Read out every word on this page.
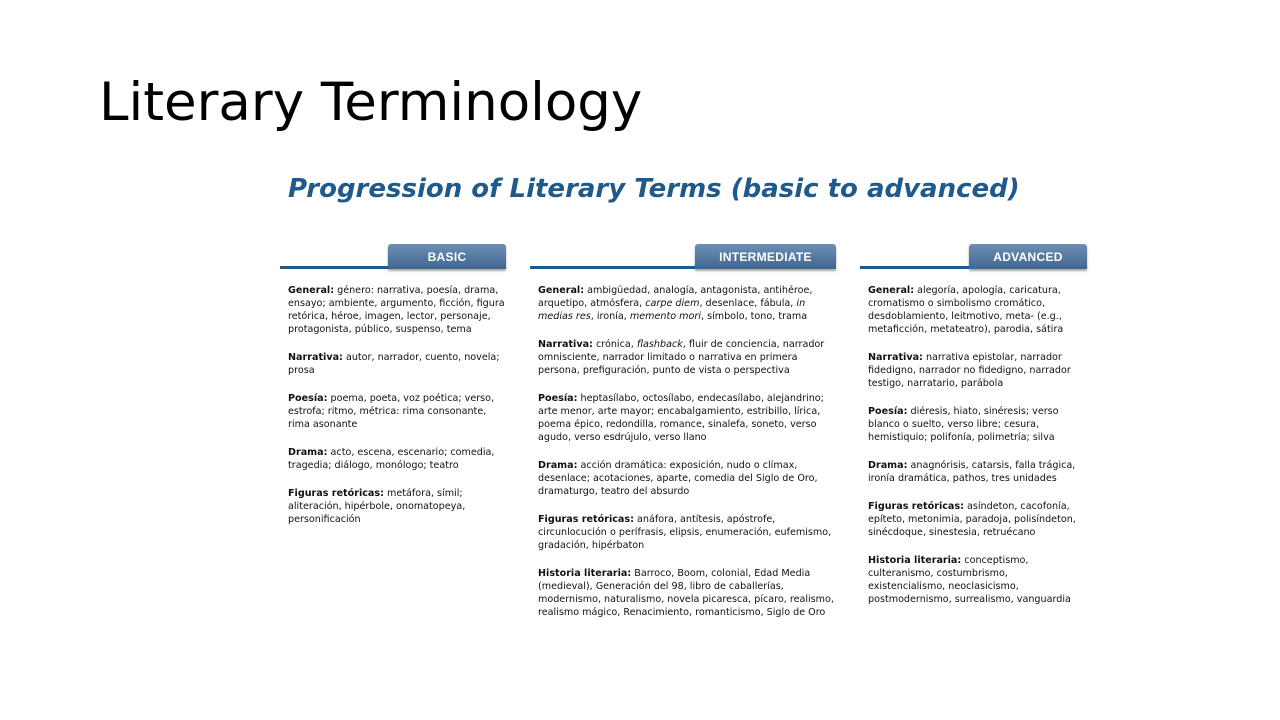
Literary Terminology
Progression of Literary Terms (basic to advanced)
BASIC

General: género: narrativa, poesía, drama, ensayo; ambiente, argumento, ficción, figura retórica, héroe, imagen, lector, personaje, protagonista, público, suspenso, tema

Narrativa: autor, narrador, cuento, novela; prosa

Poesía: poema, poeta, voz poética; verso, estrofa; ritmo, métrica: rima consonante, rima asonante

Drama: acto, escena, escenario; comedia, tragedia; diálogo, monólogo; teatro

Figuras retóricas: metáfora, símil; aliteración, hipérbole, onomatopeya, personificación

INTERMEDIATE

General: ambigüedad, analogía, antagonista, antihéroe, arquetipo, atmósfera, carpe diem, desenlace, fábula, in medias res, ironía, memento mori, símbolo, tono, trama

Narrativa: crónica, flashback, fluir de conciencia, narrador omnisciente, narrador limitado o narrativa en primera persona, prefiguración, punto de vista o perspectiva

Poesía: heptasílabo, octosílabo, endecasílabo, alejandrino; arte menor, arte mayor; encabalgamiento, estribillo, lírica, poema épico, redondilla, romance, sinalefa, soneto, verso agudo, verso esdrújulo, verso llano

Drama: acción dramática: exposición, nudo o clímax, desenlace; acotaciones, aparte, comedia del Siglo de Oro, dramaturgo, teatro del absurdo

Figuras retóricas: anáfora, antítesis, apóstrofe, circunlocución o perífrasis, elipsis, enumeración, eufemismo, gradación, hipérbaton

Historia literaria: Barroco, Boom, colonial, Edad Media (medieval), Generación del 98, libro de caballerías, modernismo, naturalismo, novela picaresca, pícaro, realismo, realismo mágico, Renacimiento, romanticismo, Siglo de Oro

ADVANCED

General: alegoría, apología, caricatura, cromatismo o simbolismo cromático, desdoblamiento, leitmotivo, meta- (e.g., metaficción, metateatro), parodia, sátira

Narrativa: narrativa epistolar, narrador fidedigno, narrador no fidedigno, narrador testigo, narratario, parábola

Poesía: diéresis, hiato, sinéresis; verso blanco o suelto, verso libre; cesura, hemistiquio; polifonía, polimetría; silva

Drama: anagnórisis, catarsis, falla trágica, ironía dramática, pathos, tres unidades

Figuras retóricas: asíndeton, cacofonía, epíteto, metonimia, paradoja, polisíndeton, sinécdoque, sinestesia, retruécano

Historia literaria: conceptismo, culteranismo, costumbrismo, existencialismo, neoclasicismo, postmodernismo, surrealismo, vanguardia
